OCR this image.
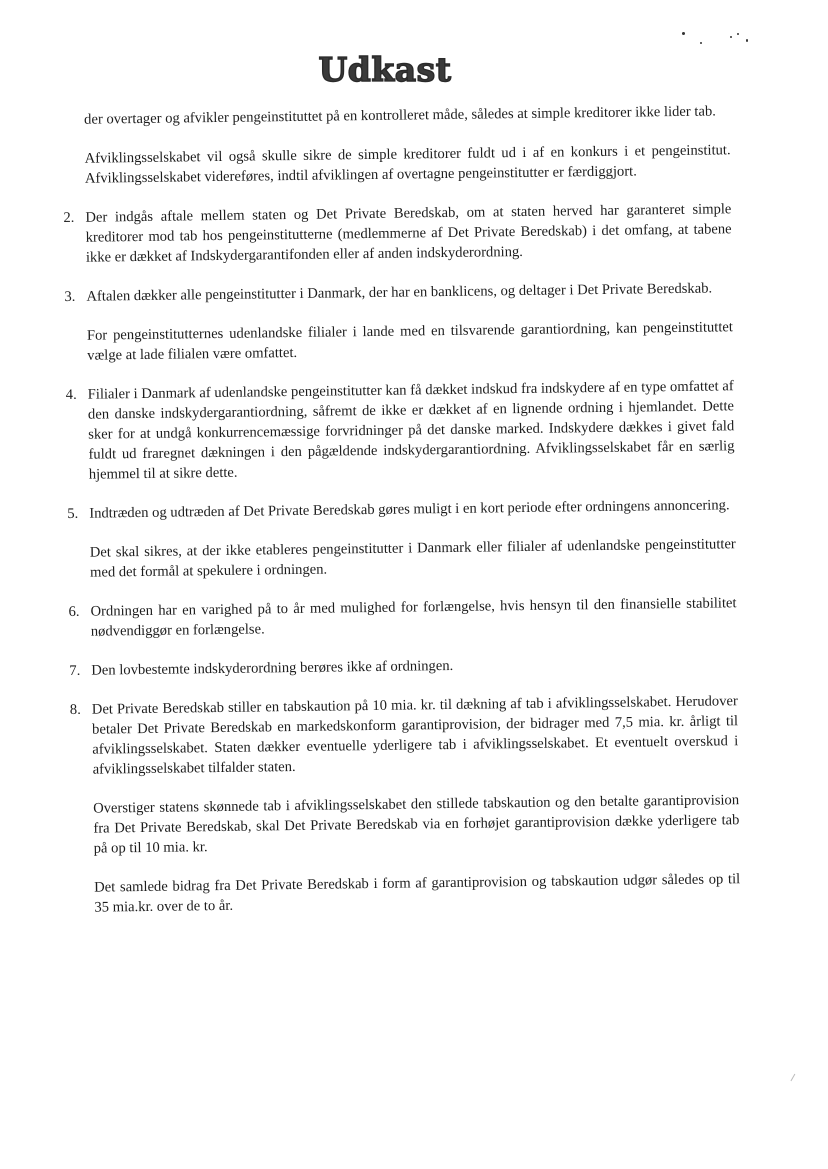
Udkast

der overtager og afvikler pengeinstituttet på en kontrolleret måde, således at simple kreditorer ikke lider tab.

Afviklingsselskabet vil også skulle sikre de simple kreditorer fuldt ud i af en konkurs i et pengeinstitut. Afviklingsselskabet videreføres, indtil afviklingen af overtagne pengeinstitutter er færdiggjort.

2. Der indgås aftale mellem staten og Det Private Beredskab, om at staten herved har garanteret simple kreditorer mod tab hos pengeinstitutterne (medlemmerne af Det Private Beredskab) i det omfang, at tabene ikke er dækket af Indskydergarantifonden eller af anden indskyderordning.
3. Aftalen dækker alle pengeinstitutter i Danmark, der har en banklicens, og deltager i Det Private Beredskab.

For pengeinstitutternes udenlandske filialer i lande med en tilsvarende garantiordning, kan pengeinstituttet vælge at lade filialen være omfattet.

4. Filialer i Danmark af udenlandske pengeinstitutter kan få dækket indskud fra indskydere af en type omfattet af den danske indskydergarantiordning, såfremt de ikke er dækket af en lignende ordning i hjemlandet. Dette sker for at undgå konkurrencemæssige forvridninger på det danske marked. Indskydere dækkes i givet fald fuldt ud fraregnet dækningen i den pågældende indskydergarantiordning. Afviklingsselskabet får en særlig hjemmel til at sikre dette.
5. Indtræden og udtræden af Det Private Beredskab gøres muligt i en kort periode efter ordningens annoncering.

Det skal sikres, at der ikke etableres pengeinstitutter i Danmark eller filialer af udenlandske pengeinstitutter med det formål at spekulere i ordningen.

6. Ordningen har en varighed på to år med mulighed for forlængelse, hvis hensyn til den finansielle stabilitet nødvendiggør en forlængelse.
7. Den lovbestemte indskyderordning berøres ikke af ordningen.
8. Det Private Beredskab stiller en tabskaution på 10 mia. kr. til dækning af tab i afviklingsselskabet. Herudover betaler Det Private Beredskab en markedskonform garantiprovision, der bidrager med 7,5 mia. kr. årligt til afviklingsselskabet. Staten dækker eventuelle yderligere tab i afviklingsselskabet. Et eventuelt overskud i afviklingsselskabet tilfalder staten.

Overstiger statens skønnede tab i afviklingsselskabet den stillede tabskaution og den betalte garantiprovision fra Det Private Beredskab, skal Det Private Beredskab via en forhøjet garantiprovision dække yderligere tab på op til 10 mia. kr.

Det samlede bidrag fra Det Private Beredskab i form af garantiprovision og tabskaution udgør således op til 35 mia.kr. over de to år.
